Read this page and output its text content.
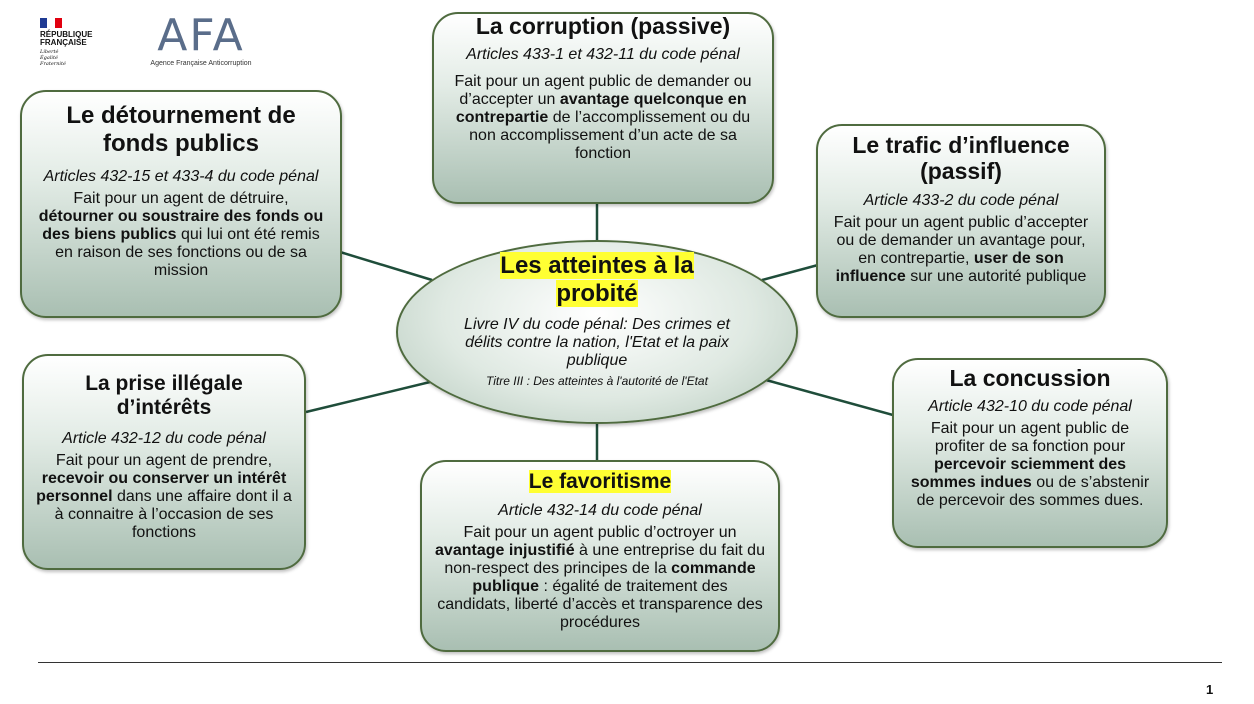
RÉPUBLIQUE
FRANÇAISE
Liberté
Égalité
Fraternité
AFA
Agence Française Anticorruption

La corruption (passive)

Articles 433-1 et 432-11 du code pénal

Fait pour un agent public de demander ou d’accepter un avantage quelconque en contrepartie de l’accomplissement ou du non accomplissement d’un acte de sa fonction

Le détournement de fonds publics

Articles 432-15 et 433-4 du code pénal

Fait pour un agent de détruire, détourner ou soustraire des fonds ou des biens publics qui lui ont été remis en raison de ses fonctions ou de sa mission

Le trafic d’influence (passif)

Article 433-2 du code pénal

Fait pour un agent public d’accepter ou de demander un avantage pour, en contrepartie, user de son influence sur une autorité publique

Les atteintes à la
probité

Livre IV du code pénal: Des crimes et délits contre la nation, l'Etat et la paix publique

Titre III : Des atteintes à l'autorité de l'Etat

La prise illégale d’intérêts

Article 432-12 du code pénal

Fait pour un agent de prendre, recevoir ou conserver un intérêt personnel dans une affaire dont il a à connaitre à l’occasion de ses fonctions

La concussion

Article 432-10 du code pénal

Fait pour un agent public de profiter de sa fonction pour percevoir sciemment des sommes indues ou de s’abstenir de percevoir des sommes dues.

Le favoritisme

Article 432-14 du code pénal

Fait pour un agent public d’octroyer un avantage injustifié à une entreprise du fait du non-respect des principes de la commande publique : égalité de traitement des candidats, liberté d’accès et transparence des procédures

1
